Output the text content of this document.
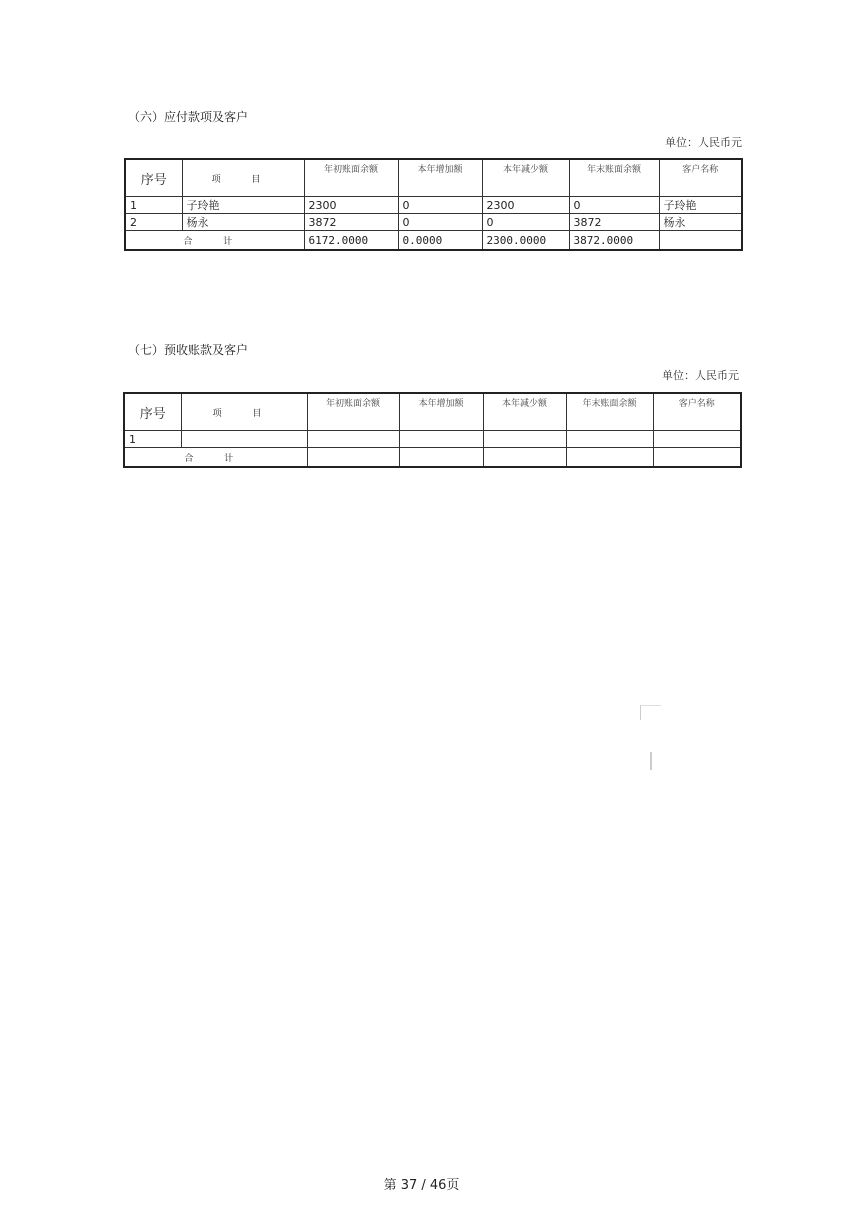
（六）应付款项及客户
单位：人民币元
序号	项 目	年初账面余额	本年增加额	本年减少额	年末账面余额	客户名称
1	子玲艳	2300	0	2300	0	子玲艳
2	杨永	3872	0	0	3872	杨永
合 计		6172.0000	0.0000	2300.0000	3872.0000	
（七）预收账款及客户
单位：人民币元
序号	项 目	年初账面余额	本年增加额	本年减少额	年末账面余额	客户名称
1						
合 计						
第 37 / 46页
